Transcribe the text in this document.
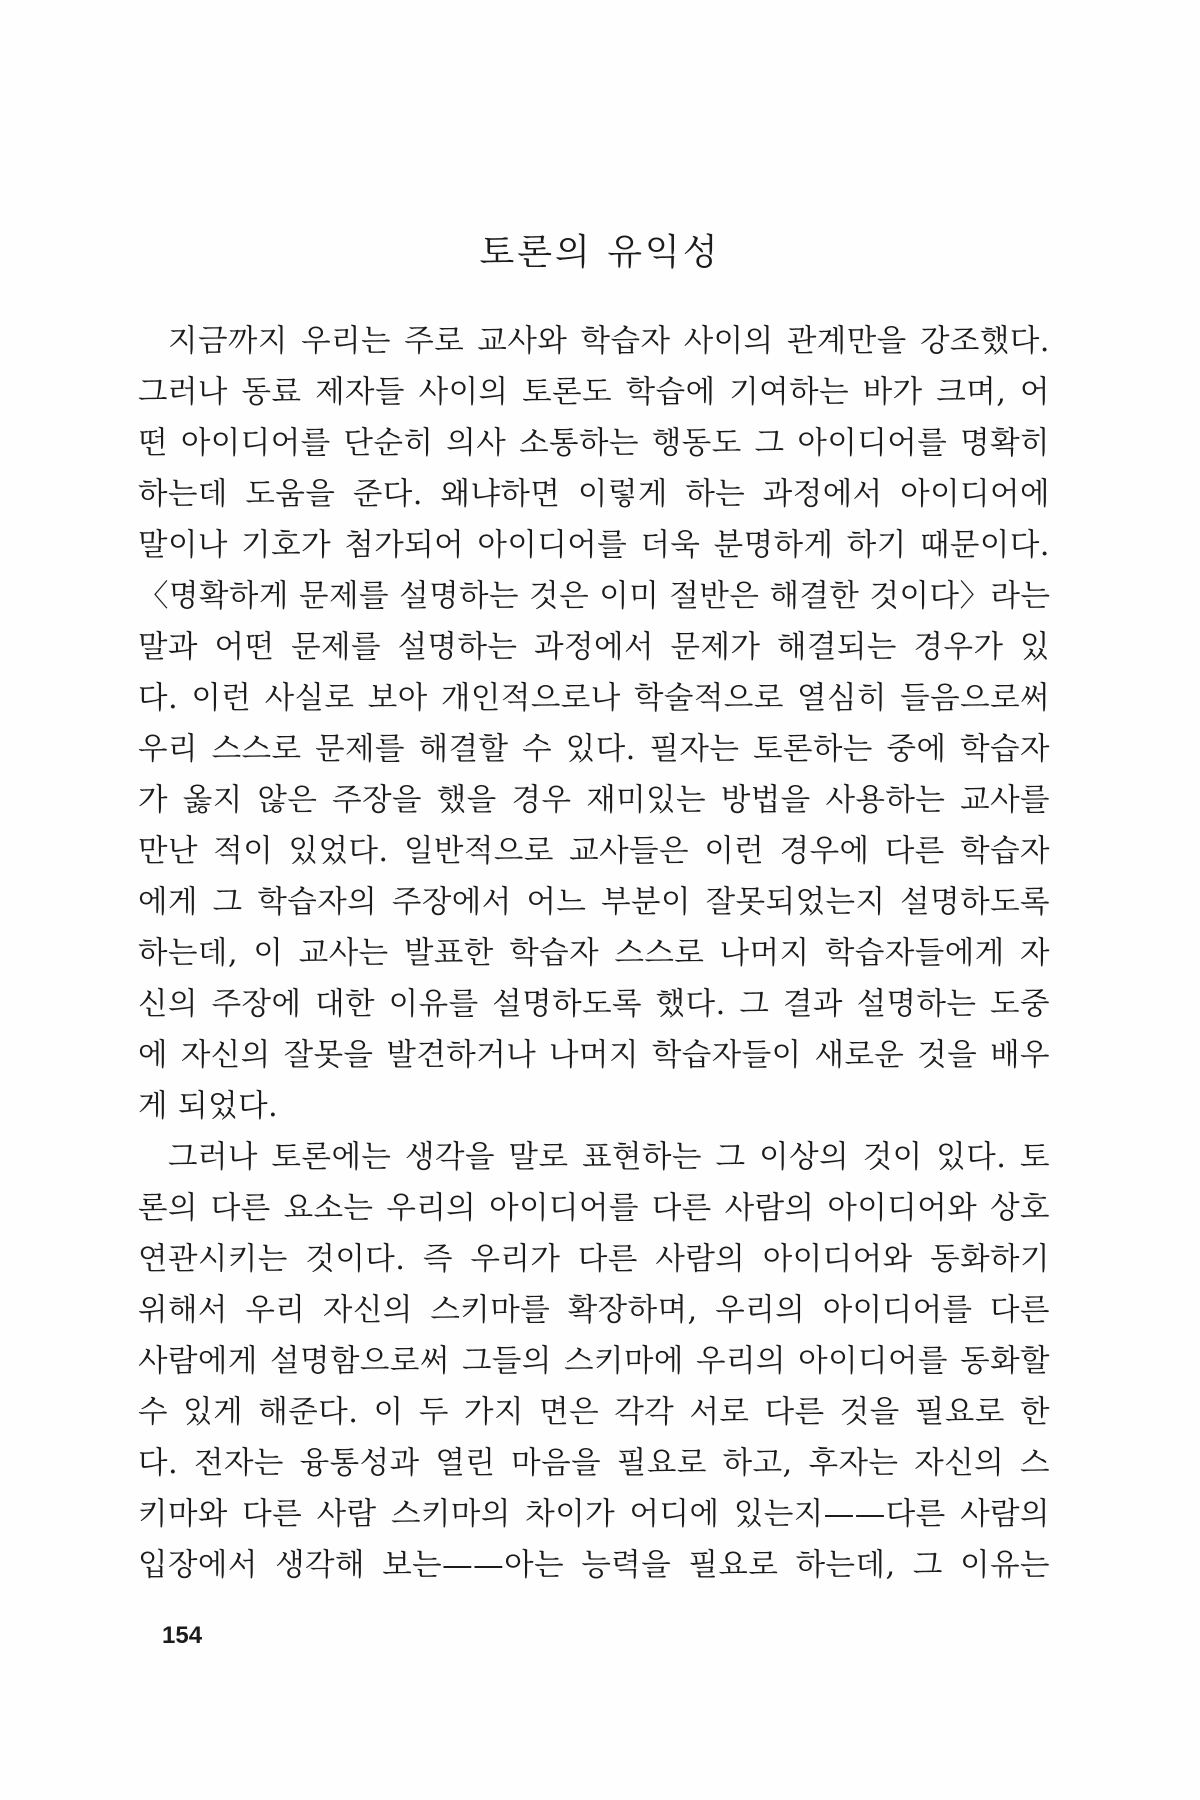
토론의 유익성
지금까지 우리는 주로 교사와 학습자 사이의 관계만을 강조했다.
그러나 동료 제자들 사이의 토론도 학습에 기여하는 바가 크며, 어
떤 아이디어를 단순히 의사 소통하는 행동도 그 아이디어를 명확히
하는데 도움을 준다. 왜냐하면 이렇게 하는 과정에서 아이디어에
말이나 기호가 첨가되어 아이디어를 더욱 분명하게 하기 때문이다.
〈명확하게 문제를 설명하는 것은 이미 절반은 해결한 것이다〉라는
말과 어떤 문제를 설명하는 과정에서 문제가 해결되는 경우가 있
다. 이런 사실로 보아 개인적으로나 학술적으로 열심히 들음으로써
우리 스스로 문제를 해결할 수 있다. 필자는 토론하는 중에 학습자
가 옳지 않은 주장을 했을 경우 재미있는 방법을 사용하는 교사를
만난 적이 있었다. 일반적으로 교사들은 이런 경우에 다른 학습자
에게 그 학습자의 주장에서 어느 부분이 잘못되었는지 설명하도록
하는데, 이 교사는 발표한 학습자 스스로 나머지 학습자들에게 자
신의 주장에 대한 이유를 설명하도록 했다. 그 결과 설명하는 도중
에 자신의 잘못을 발견하거나 나머지 학습자들이 새로운 것을 배우
게 되었다.
그러나 토론에는 생각을 말로 표현하는 그 이상의 것이 있다. 토
론의 다른 요소는 우리의 아이디어를 다른 사람의 아이디어와 상호
연관시키는 것이다. 즉 우리가 다른 사람의 아이디어와 동화하기
위해서 우리 자신의 스키마를 확장하며, 우리의 아이디어를 다른
사람에게 설명함으로써 그들의 스키마에 우리의 아이디어를 동화할
수 있게 해준다. 이 두 가지 면은 각각 서로 다른 것을 필요로 한
다. 전자는 융통성과 열린 마음을 필요로 하고, 후자는 자신의 스
키마와 다른 사람 스키마의 차이가 어디에 있는지——다른 사람의
입장에서 생각해 보는——아는 능력을 필요로 하는데, 그 이유는
154
